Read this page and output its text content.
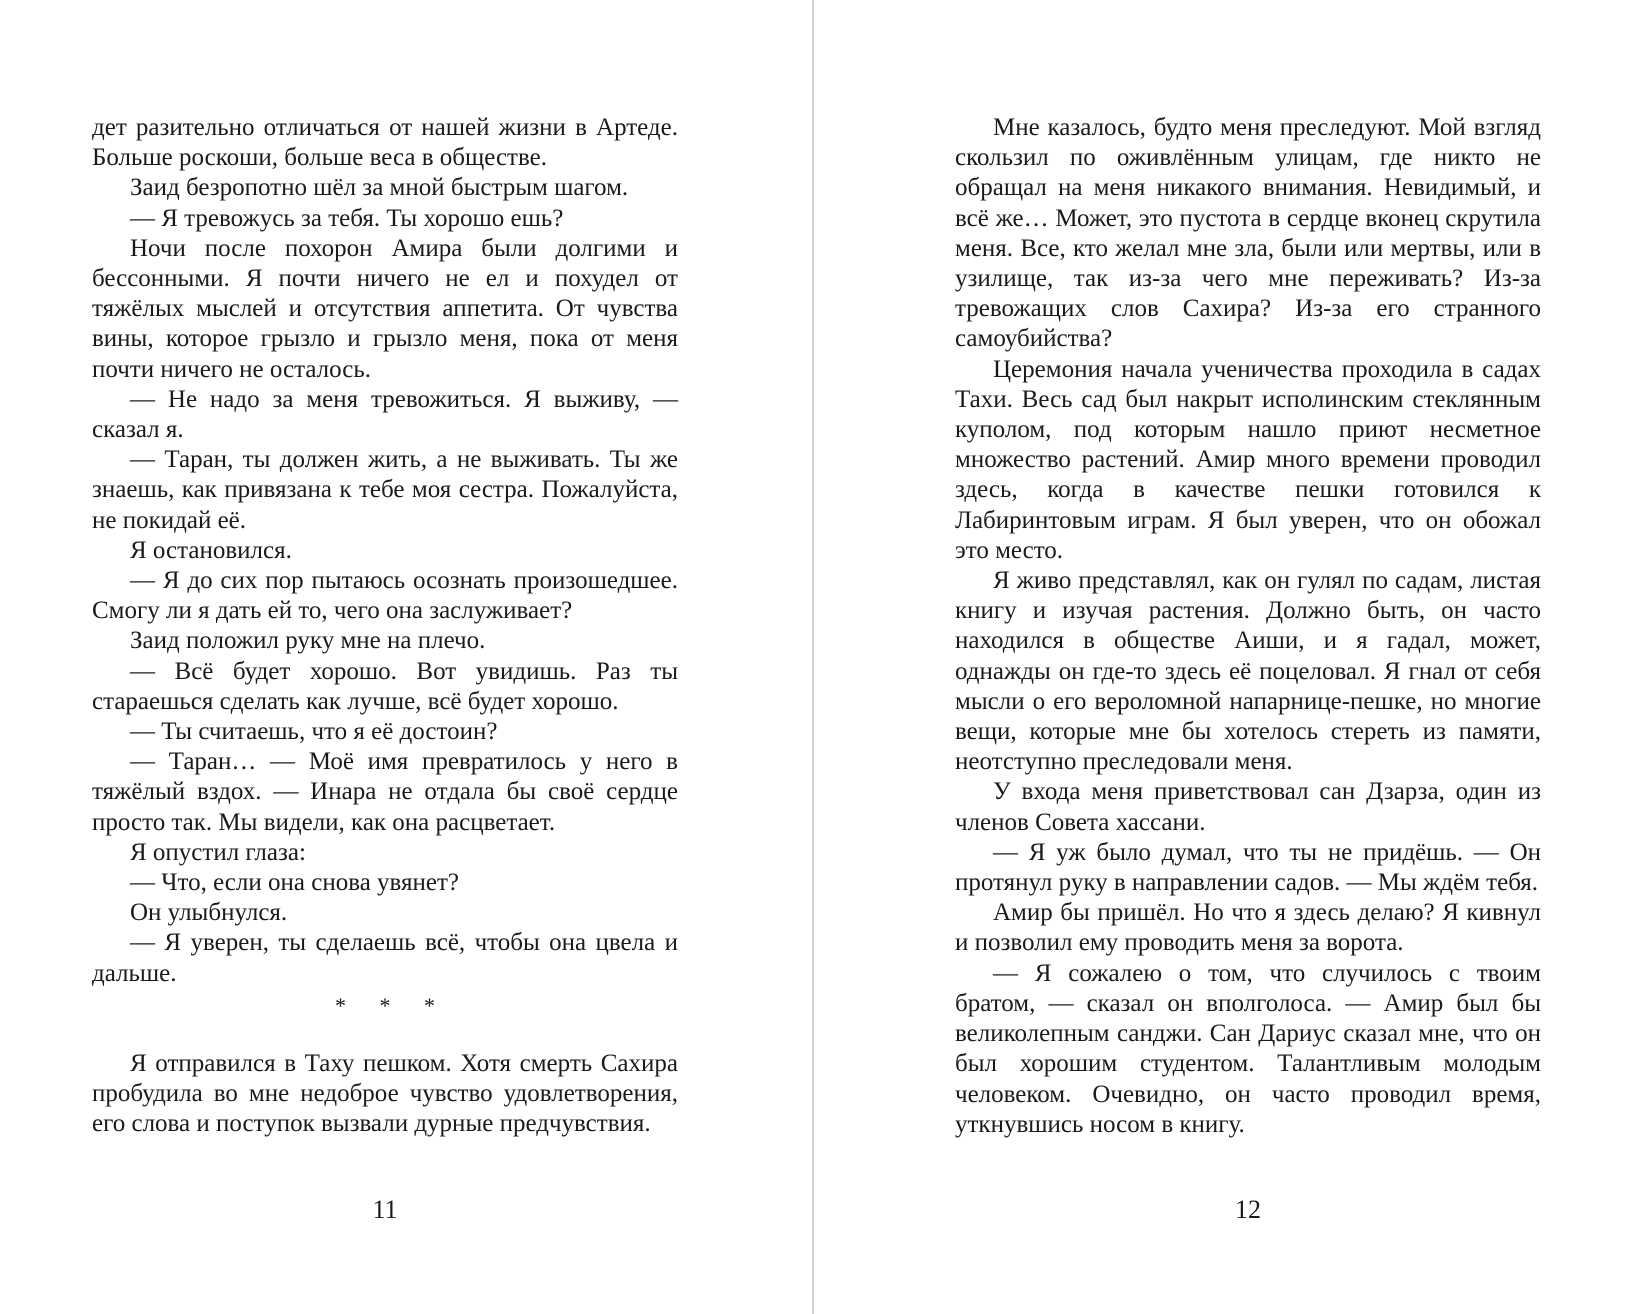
дет разительно отличаться от нашей жизни в Артеде. Больше роскоши, больше веса в обществе.

Заид безропотно шёл за мной быстрым шагом.

— Я тревожусь за тебя. Ты хорошо ешь?

Ночи после похорон Амира были долгими и бессонными. Я почти ничего не ел и похудел от тяжёлых мыслей и отсутствия аппетита. От чувства вины, которое грызло и грызло меня, пока от меня почти ничего не осталось.

— Не надо за меня тревожиться. Я выживу, — сказал я.

— Таран, ты должен жить, а не выживать. Ты же знаешь, как привязана к тебе моя сестра. Пожалуйста, не покидай её.

Я остановился.

— Я до сих пор пытаюсь осознать произошедшее. Смогу ли я дать ей то, чего она заслуживает?

Заид положил руку мне на плечо.

— Всё будет хорошо. Вот увидишь. Раз ты стараешься сделать как лучше, всё будет хорошо.

— Ты считаешь, что я её достоин?

— Таран… — Моё имя превратилось у него в тяжёлый вздох. — Инара не отдала бы своё сердце просто так. Мы видели, как она расцветает.

Я опустил глаза:

— Что, если она снова увянет?

Он улыбнулся.

— Я уверен, ты сделаешь всё, чтобы она цвела и дальше.

* * *

Я отправился в Таху пешком. Хотя смерть Сахира пробудила во мне недоброе чувство удовлетворения, его слова и поступок вызвали дурные предчувствия.

11

Мне казалось, будто меня преследуют. Мой взгляд скользил по оживлённым улицам, где никто не обращал на меня никакого внимания. Невидимый, и всё же… Может, это пустота в сердце вконец скрутила меня. Все, кто желал мне зла, были или мертвы, или в узилище, так из-за чего мне переживать? Из-за тревожащих слов Сахира? Из-за его странного самоубийства?

Церемония начала ученичества проходила в садах Тахи. Весь сад был накрыт исполинским стеклянным куполом, под которым нашло приют несметное множество растений. Амир много времени проводил здесь, когда в качестве пешки готовился к Лабиринтовым играм. Я был уверен, что он обожал это место.

Я живо представлял, как он гулял по садам, листая книгу и изучая растения. Должно быть, он часто находился в обществе Аиши, и я гадал, может, однажды он где-то здесь её поцеловал. Я гнал от себя мысли о его вероломной напарнице-пешке, но многие вещи, которые мне бы хотелось стереть из памяти, неотступно преследовали меня.

У входа меня приветствовал сан Дзарза, один из членов Совета хассани.

— Я уж было думал, что ты не придёшь. — Он протянул руку в направлении садов. — Мы ждём тебя.

Амир бы пришёл. Но что я здесь делаю? Я кивнул и позволил ему проводить меня за ворота.

— Я сожалею о том, что случилось с твоим братом, — сказал он вполголоса. — Амир был бы великолепным санджи. Сан Дариус сказал мне, что он был хорошим студентом. Талантливым молодым человеком. Очевидно, он часто проводил время, уткнувшись носом в книгу.

12
